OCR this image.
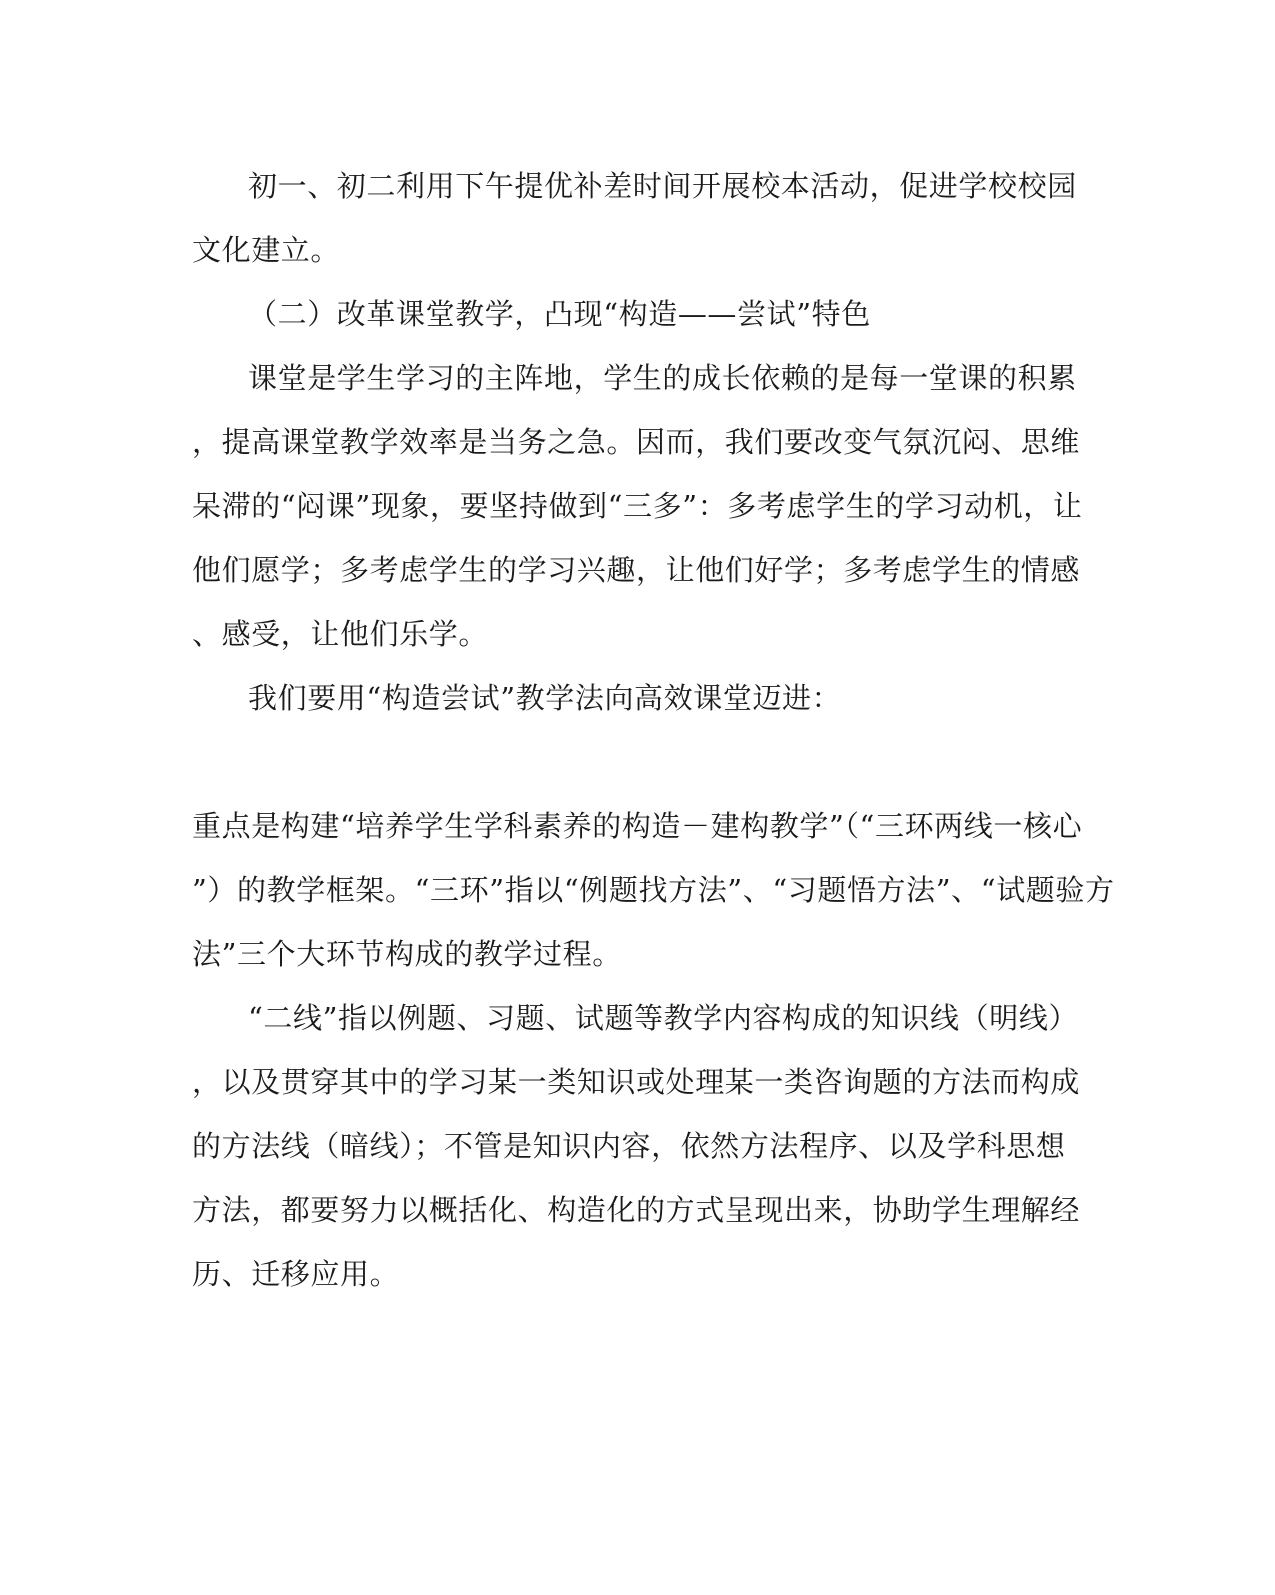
初一、初二利用下午提优补差时间开展校本活动，促进学校校园
文化建立。
（二）改革课堂教学，凸现“构造——尝试”特色
课堂是学生学习的主阵地，学生的成长依赖的是每一堂课的积累
，提高课堂教学效率是当务之急。因而，我们要改变气氛沉闷、思维
呆滞的“闷课”现象，要坚持做到“三多”：多考虑学生的学习动机，让
他们愿学；多考虑学生的学习兴趣，让他们好学；多考虑学生的情感
、感受，让他们乐学。
我们要用“构造尝试”教学法向高效课堂迈进：
重点是构建“培养学生学科素养的构造－建构教学”（“三环两线一核心
”）的教学框架。“三环”指以“例题找方法”、“习题悟方法”、“试题验方
法”三个大环节构成的教学过程。
“二线”指以例题、习题、试题等教学内容构成的知识线（明线）
，以及贯穿其中的学习某一类知识或处理某一类咨询题的方法而构成
的方法线（暗线）；不管是知识内容，依然方法程序、以及学科思想
方法，都要努力以概括化、构造化的方式呈现出来，协助学生理解经
历、迁移应用。
